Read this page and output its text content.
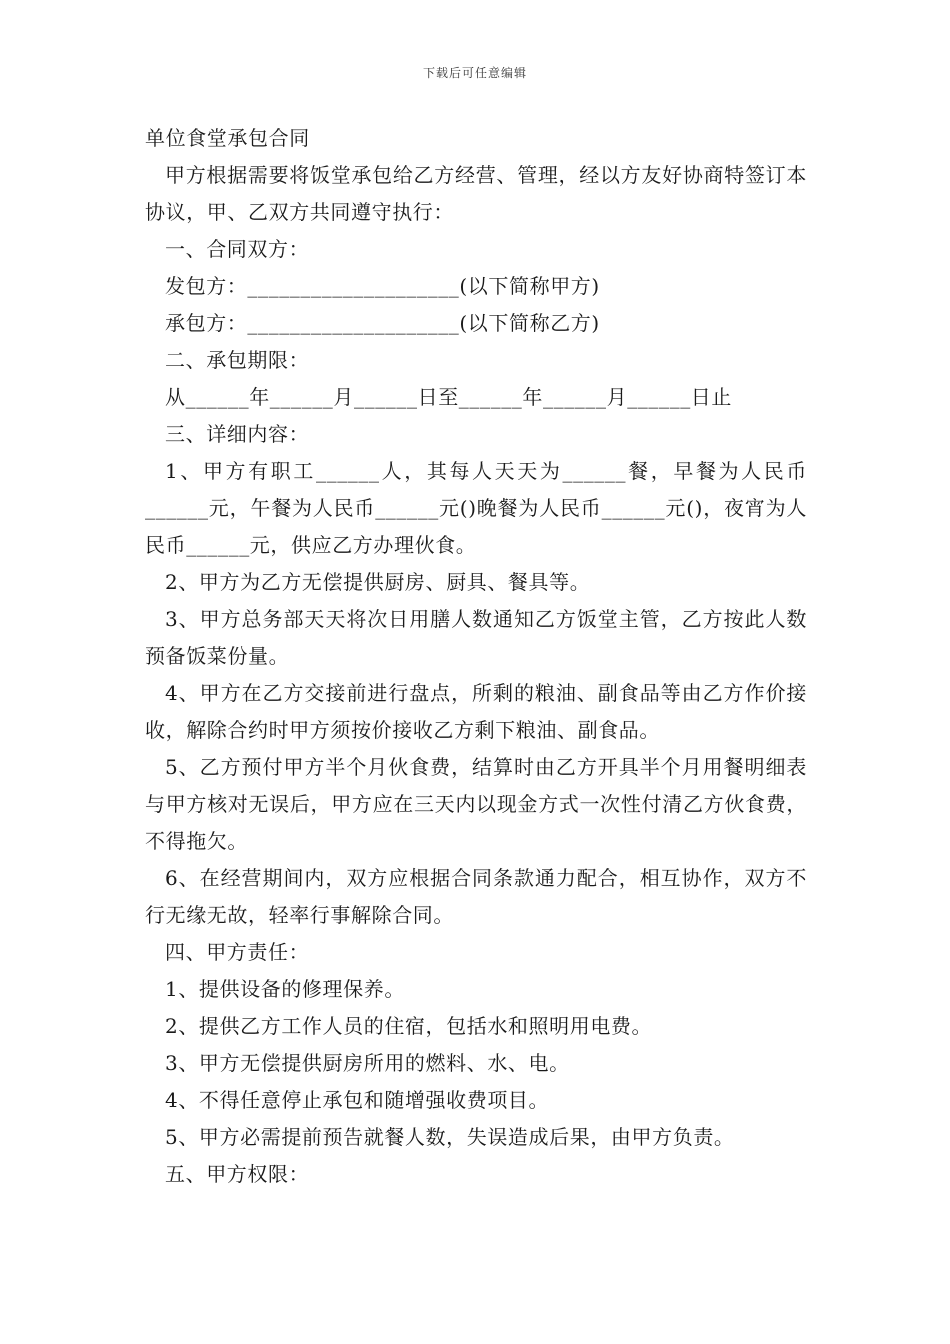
下载后可任意编辑

单位食堂承包合同

甲方根据需要将饭堂承包给乙方经营、管理，经以方友好协商特签订本协议，甲、乙双方共同遵守执行：

一、合同双方：

发包方：____________________(以下简称甲方)

承包方：____________________(以下简称乙方)

二、承包期限：

从______年______月______日至______年______月______日止

三、详细内容：

1、甲方有职工______人，其每人天天为______餐，早餐为人民币______元，午餐为人民币______元()晚餐为人民币______元()，夜宵为人民币______元，供应乙方办理伙食。

2、甲方为乙方无偿提供厨房、厨具、餐具等。

3、甲方总务部天天将次日用膳人数通知乙方饭堂主管，乙方按此人数预备饭菜份量。

4、甲方在乙方交接前进行盘点，所剩的粮油、副食品等由乙方作价接收，解除合约时甲方须按价接收乙方剩下粮油、副食品。

5、乙方预付甲方半个月伙食费，结算时由乙方开具半个月用餐明细表与甲方核对无误后，甲方应在三天内以现金方式一次性付清乙方伙食费，不得拖欠。

6、在经营期间内，双方应根据合同条款通力配合，相互协作，双方不行无缘无故，轻率行事解除合同。

四、甲方责任：

1、提供设备的修理保养。

2、提供乙方工作人员的住宿，包括水和照明用电费。

3、甲方无偿提供厨房所用的燃料、水、电。

4、不得任意停止承包和随增强收费项目。

5、甲方必需提前预告就餐人数，失误造成后果，由甲方负责。

五、甲方权限：
